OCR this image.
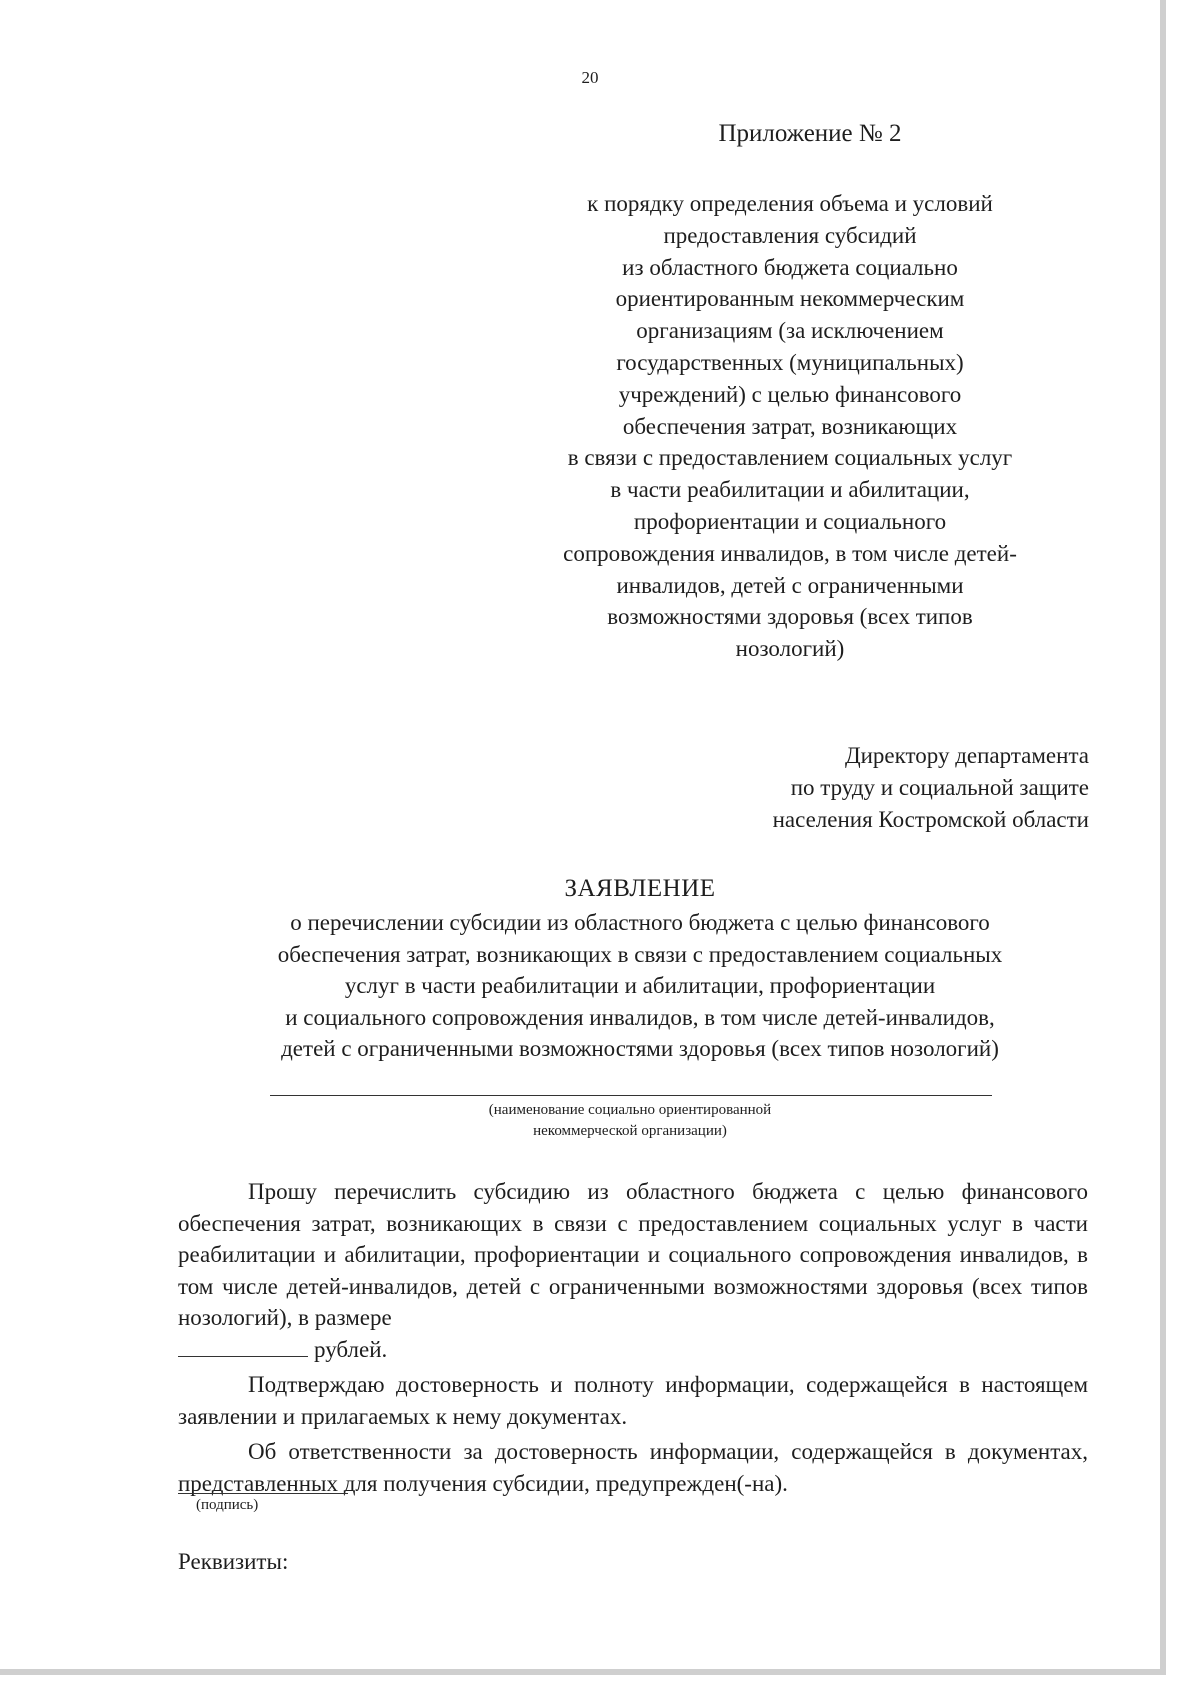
20
Приложение № 2
к порядку определения объема и условий
предоставления субсидий
из областного бюджета социально
ориентированным некоммерческим
организациям (за исключением
государственных (муниципальных)
учреждений) с целью финансового
обеспечения затрат, возникающих
в связи с предоставлением социальных услуг
в части реабилитации и абилитации,
профориентации и социального
сопровождения инвалидов, в том числе детей-
инвалидов, детей с ограниченными
возможностями здоровья (всех типов
нозологий)
Директору департамента
по труду и социальной защите
населения Костромской области
ЗАЯВЛЕНИЕ
о перечислении субсидии из областного бюджета с целью финансового
обеспечения затрат, возникающих в связи с предоставлением социальных
услуг в части реабилитации и абилитации, профориентации
и социального сопровождения инвалидов, в том числе детей-инвалидов,
детей с ограниченными возможностями здоровья (всех типов нозологий)
(наименование социально ориентированной
некоммерческой организации)

Прошу перечислить субсидию из областного бюджета с целью финансового обеспечения затрат, возникающих в связи с предоставлением социальных услуг в части реабилитации и абилитации, профориентации и социального сопровождения инвалидов, в том числе детей-инвалидов, детей с ограниченными возможностями здоровья (всех типов нозологий), в размере
рублей.

Подтверждаю достоверность и полноту информации, содержащейся в настоящем заявлении и прилагаемых к нему документах.

Об ответственности за достоверность информации, содержащейся в документах, представленных для получения субсидии, предупрежден(-на).

(подпись)
Реквизиты:
